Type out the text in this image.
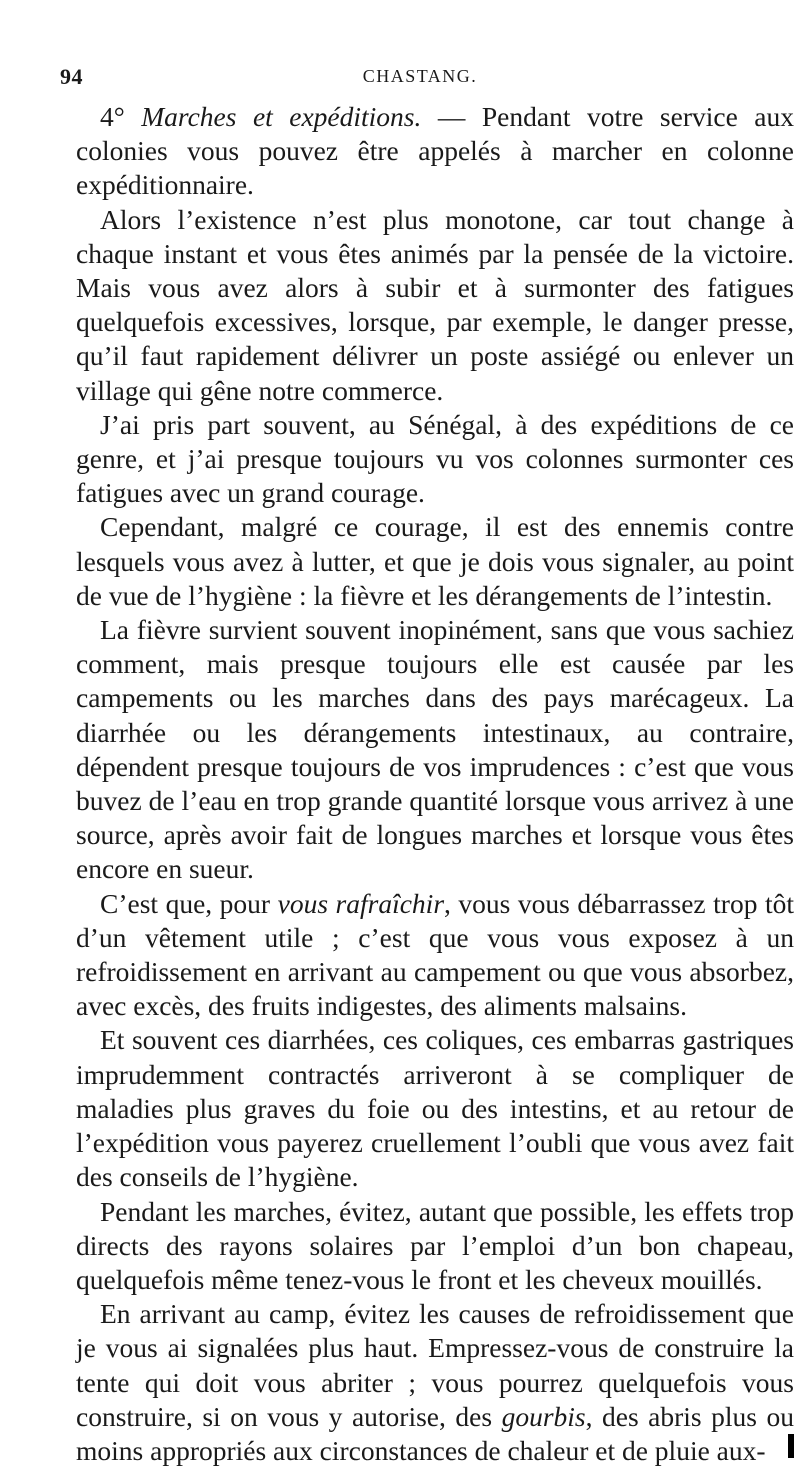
94	CHASTANG.

4° Marches et expéditions. — Pendant votre service aux colonies vous pouvez être appelés à marcher en colonne expéditionnaire.

Alors l’existence n’est plus monotone, car tout change à chaque instant et vous êtes animés par la pensée de la victoire. Mais vous avez alors à subir et à surmonter des fatigues quelquefois excessives, lorsque, par exemple, le danger presse, qu’il faut rapidement délivrer un poste assiégé ou enlever un village qui gêne notre commerce.

J’ai pris part souvent, au Sénégal, à des expéditions de ce genre, et j’ai presque toujours vu vos colonnes surmonter ces fatigues avec un grand courage.

Cependant, malgré ce courage, il est des ennemis contre lesquels vous avez à lutter, et que je dois vous signaler, au point de vue de l’hygiène : la fièvre et les dérangements de l’intestin.

La fièvre survient souvent inopinément, sans que vous sachiez comment, mais presque toujours elle est causée par les campements ou les marches dans des pays marécageux. La diarrhée ou les dérangements intestinaux, au contraire, dépendent presque toujours de vos imprudences : c’est que vous buvez de l’eau en trop grande quantité lorsque vous arrivez à une source, après avoir fait de longues marches et lorsque vous êtes encore en sueur.

C’est que, pour vous rafraîchir, vous vous débarrassez trop tôt d’un vêtement utile ; c’est que vous vous exposez à un refroidissement en arrivant au campement ou que vous absorbez, avec excès, des fruits indigestes, des aliments malsains.

Et souvent ces diarrhées, ces coliques, ces embarras gastriques imprudemment contractés arriveront à se compliquer de maladies plus graves du foie ou des intestins, et au retour de l’expédition vous payerez cruellement l’oubli que vous avez fait des conseils de l’hygiène.

Pendant les marches, évitez, autant que possible, les effets trop directs des rayons solaires par l’emploi d’un bon chapeau, quelquefois même tenez-vous le front et les cheveux mouillés.

En arrivant au camp, évitez les causes de refroidissement que je vous ai signalées plus haut. Empressez-vous de construire la tente qui doit vous abriter ; vous pourrez quelquefois vous construire, si on vous y autorise, des gourbis, des abris plus ou moins appropriés aux circonstances de chaleur et de pluie aux-
